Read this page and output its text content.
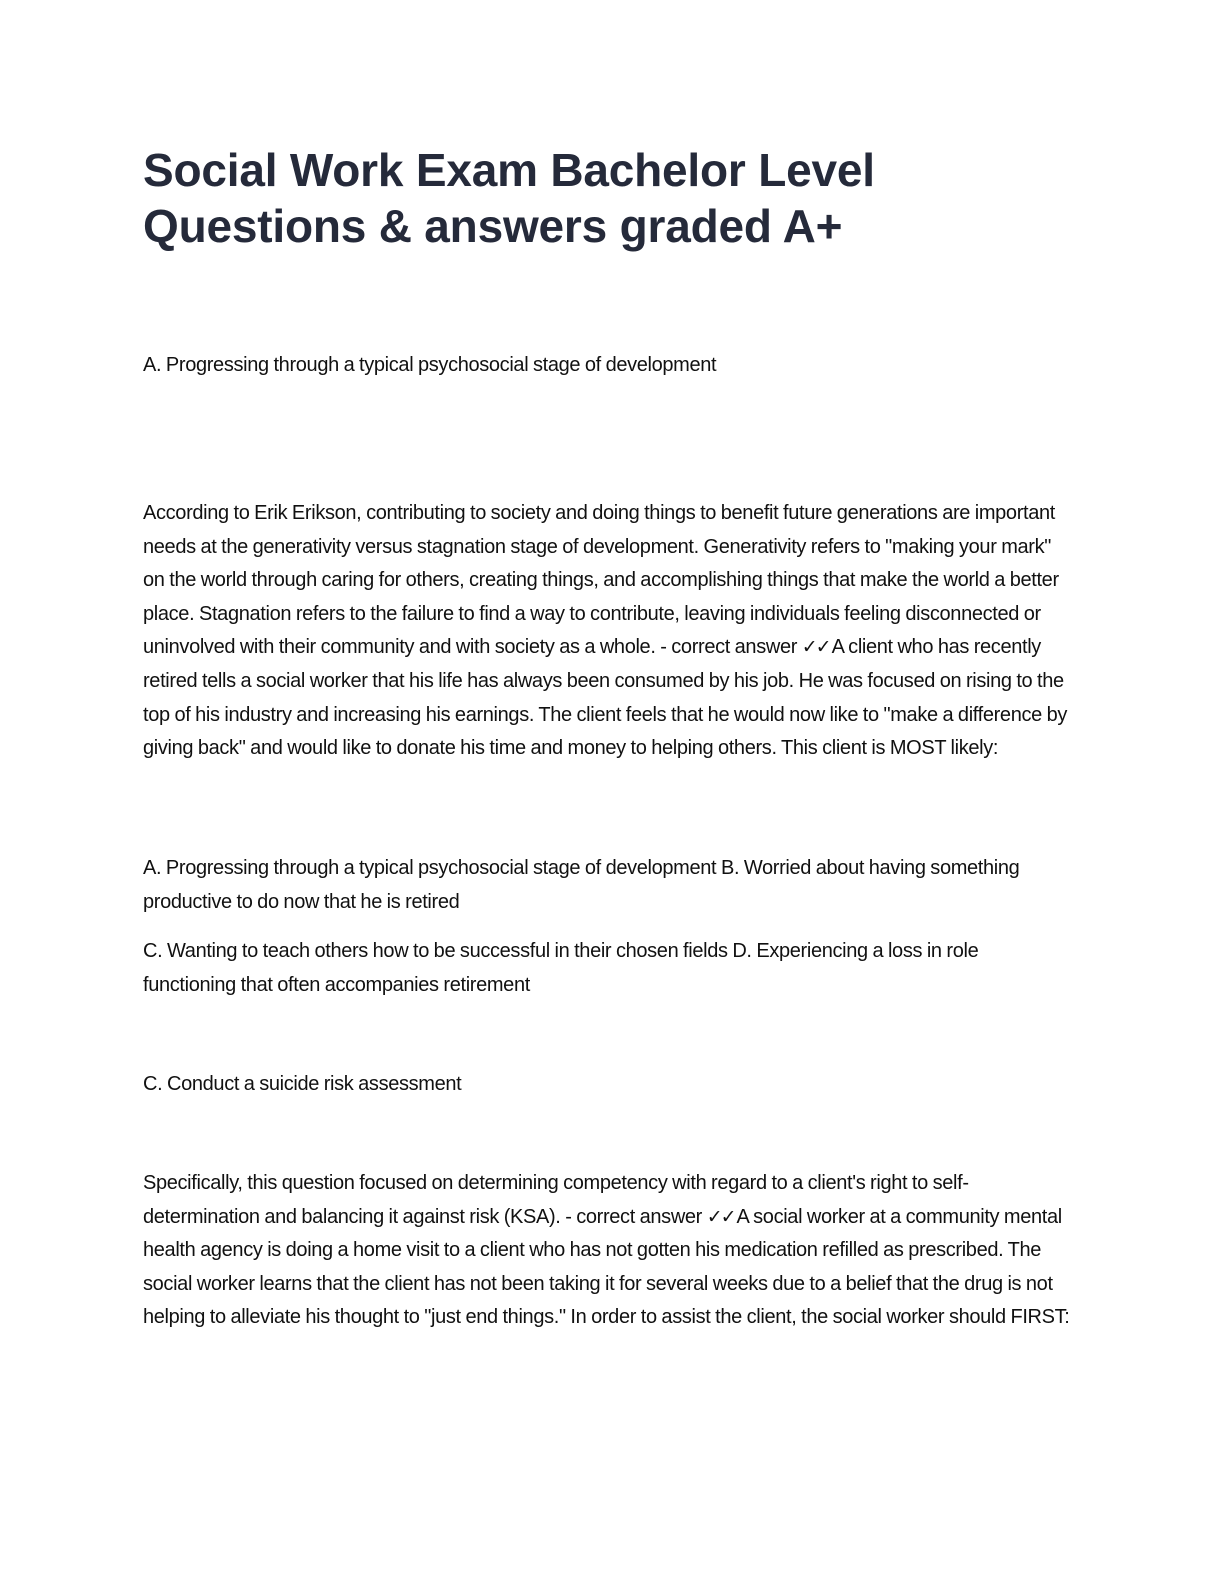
Social Work Exam Bachelor Level
Questions & answers graded A+

A. Progressing through a typical psychosocial stage of development

According to Erik Erikson, contributing to society and doing things to benefit future generations are important needs at the generativity versus stagnation stage of development. Generativity refers to "making your mark" on the world through caring for others, creating things, and accomplishing things that make the world a better place. Stagnation refers to the failure to find a way to contribute, leaving individuals feeling disconnected or uninvolved with their community and with society as a whole. - correct answer ✓✓ A client who has recently retired tells a social worker that his life has always been consumed by his job. He was focused on rising to the top of his industry and increasing his earnings. The client feels that he would now like to "make a difference by giving back" and would like to donate his time and money to helping others. This client is MOST likely:

A. Progressing through a typical psychosocial stage of development B. Worried about having something productive to do now that he is retired

C. Wanting to teach others how to be successful in their chosen fields D. Experiencing a loss in role functioning that often accompanies retirement

C. Conduct a suicide risk assessment

Specifically, this question focused on determining competency with regard to a client's right to self-determination and balancing it against risk (KSA). - correct answer ✓✓ A social worker at a community mental health agency is doing a home visit to a client who has not gotten his medication refilled as prescribed. The social worker learns that the client has not been taking it for several weeks due to a belief that the drug is not helping to alleviate his thought to "just end things." In order to assist the client, the social worker should FIRST:
